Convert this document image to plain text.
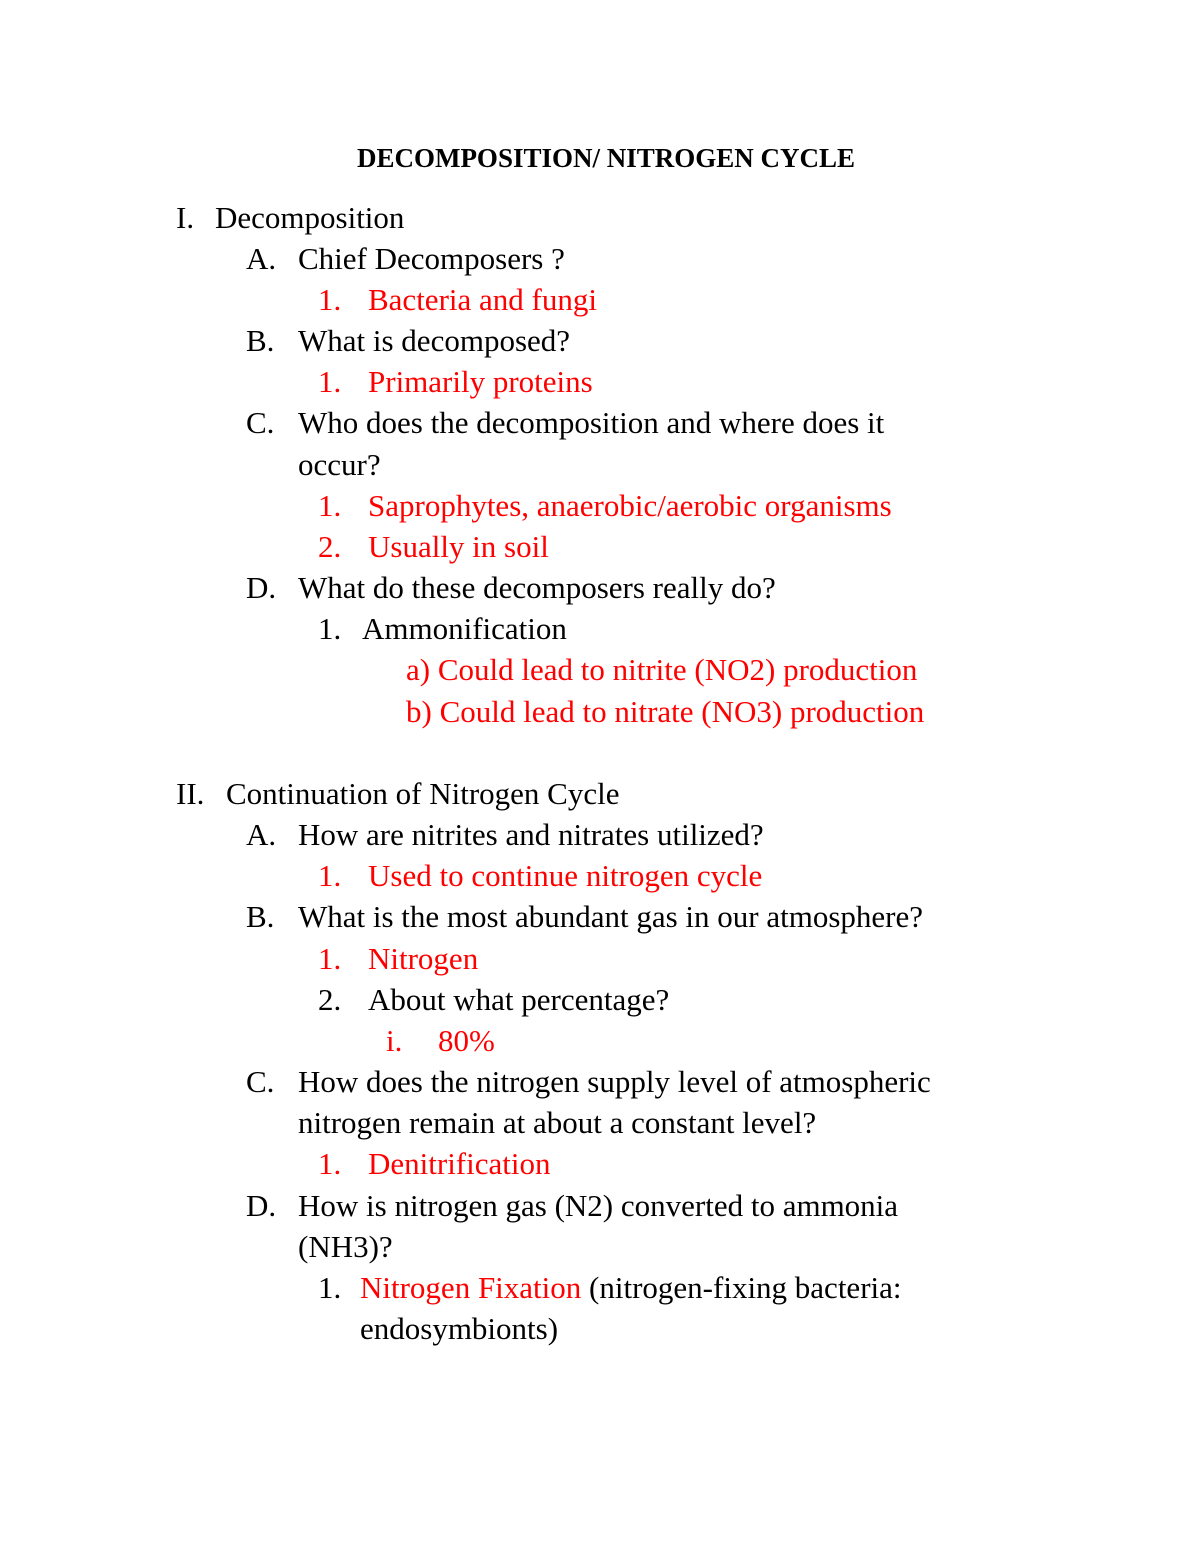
DECOMPOSITION/ NITROGEN CYCLE
I. Decomposition
A. Chief Decomposers ?
1. Bacteria and fungi
B. What is decomposed?
1. Primarily proteins
C. Who does the decomposition and where does it
occur?
1. Saprophytes, anaerobic/aerobic organisms
2. Usually in soil
D. What do these decomposers really do?
1. Ammonification
a) Could lead to nitrite (NO2) production
b) Could lead to nitrate (NO3) production
II. Continuation of Nitrogen Cycle
A. How are nitrites and nitrates utilized?
1. Used to continue nitrogen cycle
B. What is the most abundant gas in our atmosphere?
1. Nitrogen
2. About what percentage?
i. 80%
C. How does the nitrogen supply level of atmospheric
nitrogen remain at about a constant level?
1. Denitrification
D. How is nitrogen gas (N2) converted to ammonia
(NH3)?
1. Nitrogen Fixation (nitrogen-fixing bacteria:
endosymbionts)
